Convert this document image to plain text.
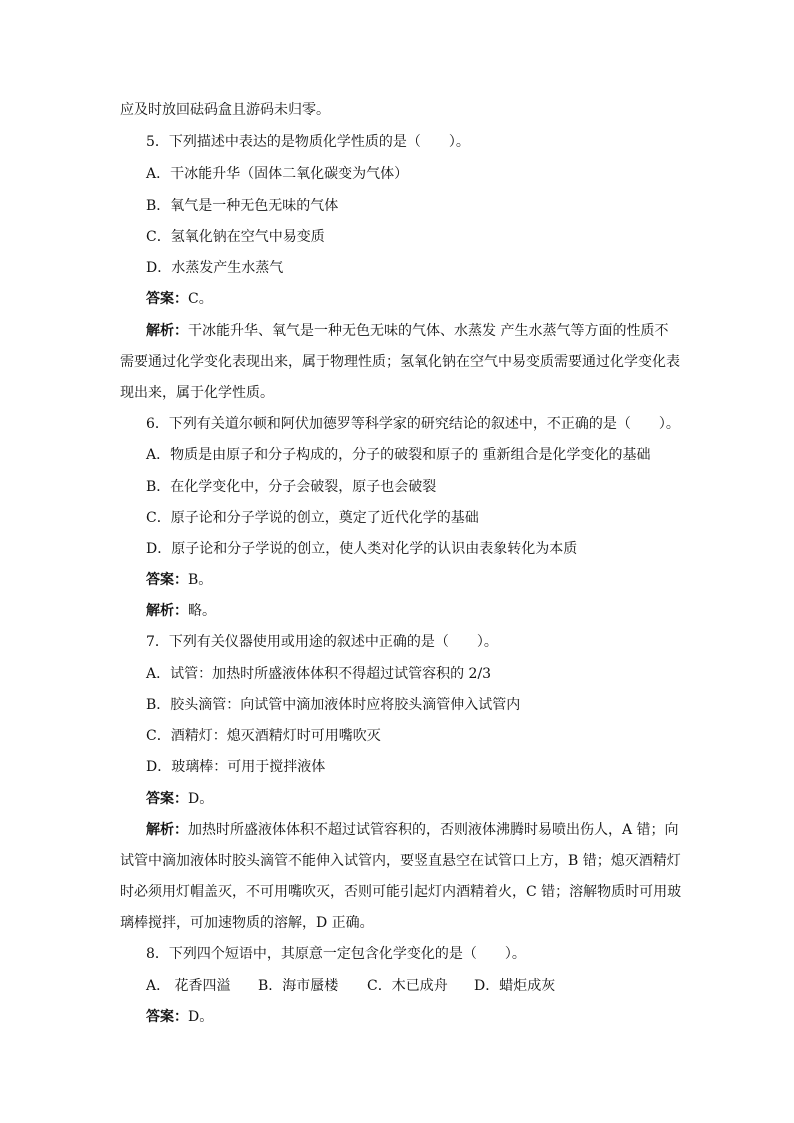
应及时放回砝码盒且游码未归零。
5．下列描述中表达的是物质化学性质的是（　　）。
A．干冰能升华（固体二氧化碳变为气体）
B．氧气是一种无色无味的气体
C．氢氧化钠在空气中易变质
D．水蒸发产生水蒸气
答案：C。
解析：干冰能升华、氧气是一种无色无味的气体、水蒸发 产生水蒸气等方面的性质不
需要通过化学变化表现出来，属于物理性质；氢氧化钠在空气中易变质需要通过化学变化表
现出来，属于化学性质。
6．下列有关道尔顿和阿伏加德罗等科学家的研究结论的叙述中，不正确的是（　　）。
A．物质是由原子和分子构成的，分子的破裂和原子的 重新组合是化学变化的基础
B．在化学变化中，分子会破裂，原子也会破裂
C．原子论和分子学说的创立，奠定了近代化学的基础
D．原子论和分子学说的创立，使人类对化学的认识由表象转化为本质
答案：B。
解析：略。
7．下列有关仪器使用或用途的叙述中正确的是（　　）。
A．试管：加热时所盛液体体积不得超过试管容积的 2/3
B．胶头滴管：向试管中滴加液体时应将胶头滴管伸入试管内
C．酒精灯：熄灭酒精灯时可用嘴吹灭
D．玻璃棒：可用于搅拌液体
答案：D。
解析：加热时所盛液体体积不超过试管容积的，否则液体沸腾时易喷出伤人，A 错；向
试管中滴加液体时胶头滴管不能伸入试管内，要竖直悬空在试管口上方，B 错；熄灭酒精灯
时必须用灯帽盖灭，不可用嘴吹灭，否则可能引起灯内酒精着火，C 错；溶解物质时可用玻
璃棒搅拌，可加速物质的溶解，D 正确。
8．下列四个短语中，其原意一定包含化学变化的是（　　）。
A． 花香四溢 B．海市蜃楼 C．木已成舟 D．蜡炬成灰
答案：D。
